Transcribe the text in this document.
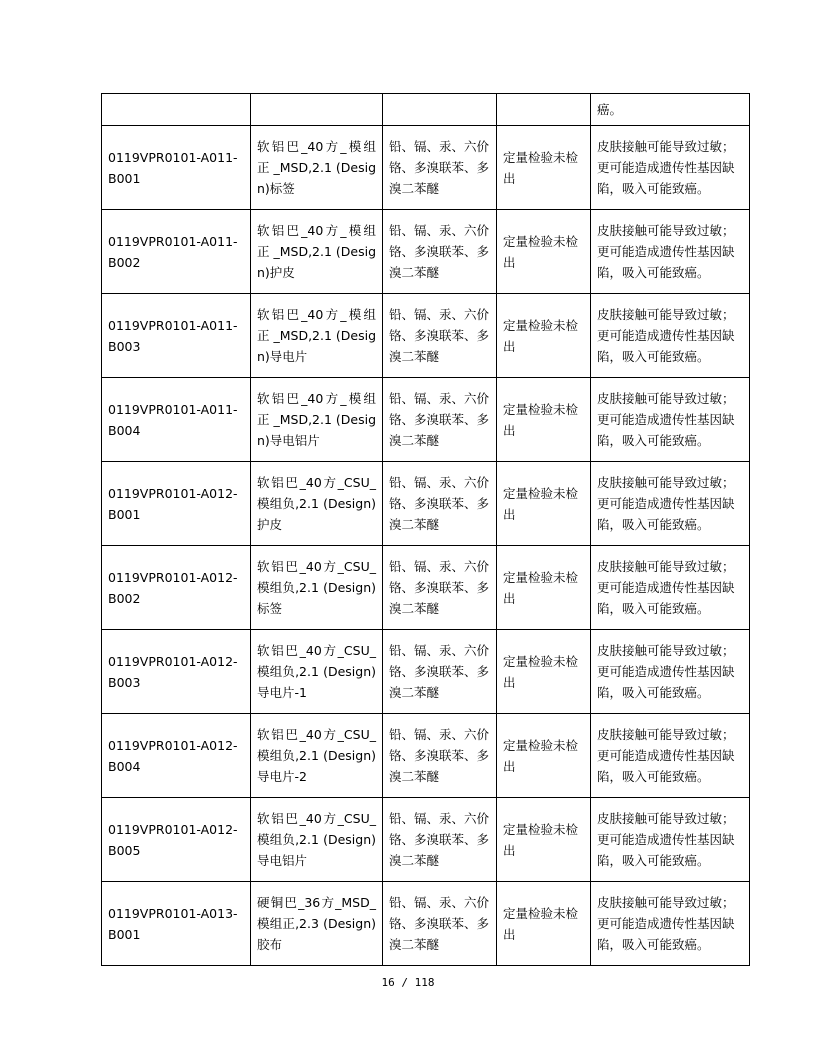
				癌。
0119VPR0101-A011-B001	软铝巴_40方_模组 正 _MSD,2.1 (Design)标签	铅、镉、汞、六价铬、多溴联苯、多溴二苯醚	定量检验未检出	皮肤接触可能导致过敏；更可能造成遗传性基因缺陷，吸入可能致癌。
0119VPR0101-A011-B002	软铝巴_40方_模组 正 _MSD,2.1 (Design)护皮	铅、镉、汞、六价铬、多溴联苯、多溴二苯醚	定量检验未检出	皮肤接触可能导致过敏；更可能造成遗传性基因缺陷，吸入可能致癌。
0119VPR0101-A011-B003	软铝巴_40方_模组 正 _MSD,2.1 (Design)导电片	铅、镉、汞、六价铬、多溴联苯、多溴二苯醚	定量检验未检出	皮肤接触可能导致过敏；更可能造成遗传性基因缺陷，吸入可能致癌。
0119VPR0101-A011-B004	软铝巴_40方_模组 正 _MSD,2.1 (Design)导电铝片	铅、镉、汞、六价铬、多溴联苯、多溴二苯醚	定量检验未检出	皮肤接触可能导致过敏；更可能造成遗传性基因缺陷，吸入可能致癌。
0119VPR0101-A012-B001	软铝巴_40方_CSU_模组负,2.1 (Design)护皮	铅、镉、汞、六价铬、多溴联苯、多溴二苯醚	定量检验未检出	皮肤接触可能导致过敏；更可能造成遗传性基因缺陷，吸入可能致癌。
0119VPR0101-A012-B002	软铝巴_40方_CSU_模组负,2.1 (Design)标签	铅、镉、汞、六价铬、多溴联苯、多溴二苯醚	定量检验未检出	皮肤接触可能导致过敏；更可能造成遗传性基因缺陷，吸入可能致癌。
0119VPR0101-A012-B003	软铝巴_40方_CSU_模组负,2.1 (Design)导电片-1	铅、镉、汞、六价铬、多溴联苯、多溴二苯醚	定量检验未检出	皮肤接触可能导致过敏；更可能造成遗传性基因缺陷，吸入可能致癌。
0119VPR0101-A012-B004	软铝巴_40方_CSU_模组负,2.1 (Design)导电片-2	铅、镉、汞、六价铬、多溴联苯、多溴二苯醚	定量检验未检出	皮肤接触可能导致过敏；更可能造成遗传性基因缺陷，吸入可能致癌。
0119VPR0101-A012-B005	软铝巴_40方_CSU_模组负,2.1 (Design)导电铝片	铅、镉、汞、六价铬、多溴联苯、多溴二苯醚	定量检验未检出	皮肤接触可能导致过敏；更可能造成遗传性基因缺陷，吸入可能致癌。
0119VPR0101-A013-B001	硬铜巴_36方_MSD_模组正,2.3 (Design)胶布	铅、镉、汞、六价铬、多溴联苯、多溴二苯醚	定量检验未检出	皮肤接触可能导致过敏；更可能造成遗传性基因缺陷，吸入可能致癌。
16 / 118
